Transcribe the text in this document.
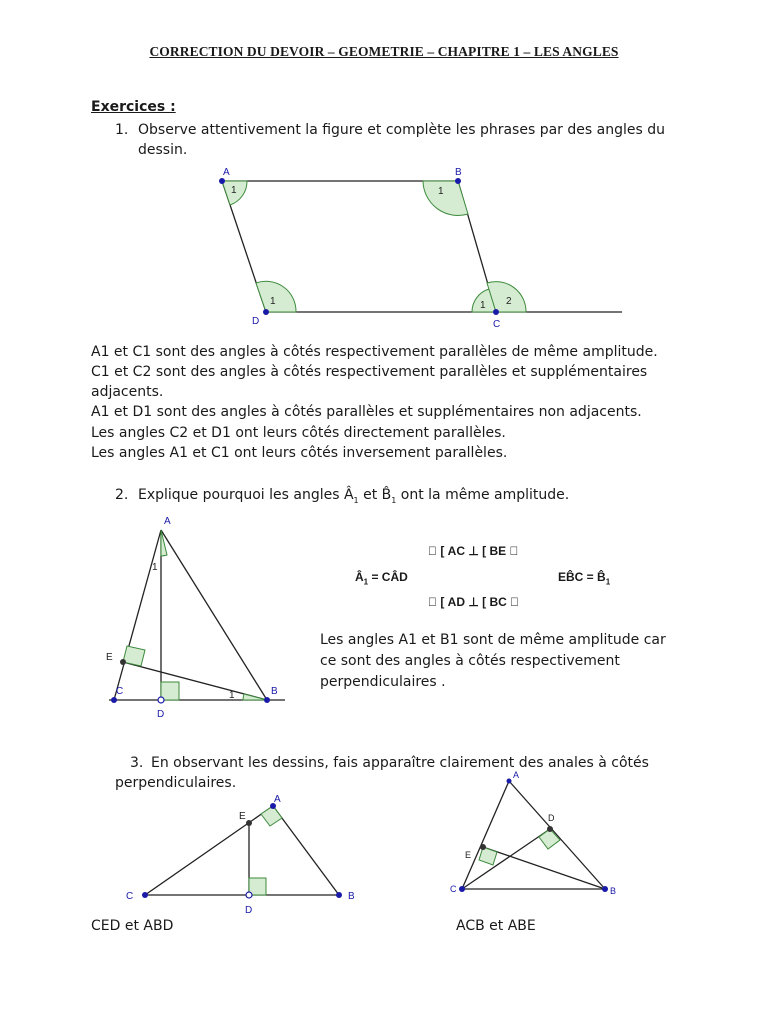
CORRECTION DU DEVOIR – GEOMETRIE – CHAPITRE 1 – LES ANGLES
Exercices :
1. Observe attentivement la figure et complète les phrases par des angles du
dessin.
A	B
D	C
1	1
1	1 2
A1 et C1 sont des angles à côtés respectivement parallèles de même amplitude.
C1 et C2 sont des angles à côtés respectivement parallèles et supplémentaires
adjacents.
A1 et D1 sont des angles à côtés parallèles et supplémentaires non adjacents.
Les angles C2 et D1 ont leurs côtés directement parallèles.
Les angles A1 et C1 ont leurs côtés inversement parallèles.
2. Explique pourquoi les angles $Â_1$ et $B̂_1$ ont la même amplitude.
A
C	B
D
E
1
1
[ AC ⊥ [ BE
$Â_1$ = CÂD	EB̂C = $B̂_1$
[ AD ⊥ [ BC
Les angles A1 et B1 sont de même amplitude car
ce sont des angles à côtés respectivement
perpendiculaires .
3. En observant les dessins, fais apparaître clairement des anales à côtés
perpendiculaires.
A
E
C	B
D
A
D
E
C	B
CED et ABD	ACB et ABE
